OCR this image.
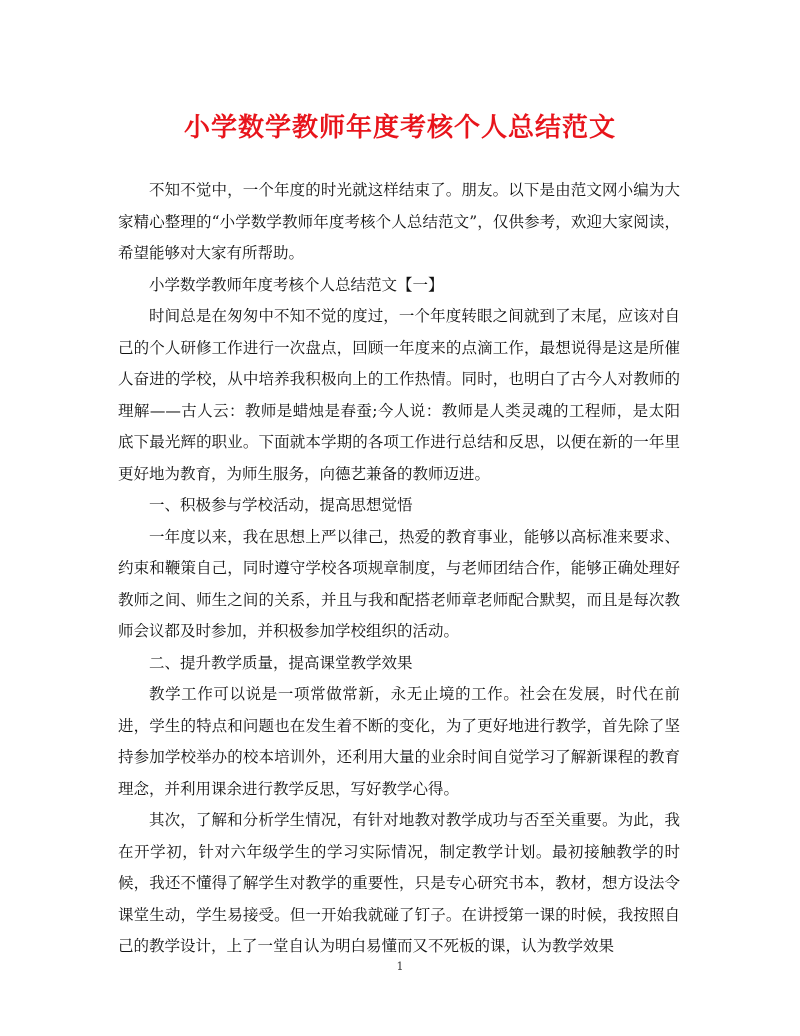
小学数学教师年度考核个人总结范文

不知不觉中，一个年度的时光就这样结束了。朋友。以下是由范文网小编为大家精心整理的“小学数学教师年度考核个人总结范文”，仅供参考，欢迎大家阅读，希望能够对大家有所帮助。

小学数学教师年度考核个人总结范文【一】

时间总是在匆匆中不知不觉的度过，一个年度转眼之间就到了末尾，应该对自己的个人研修工作进行一次盘点，回顾一年度来的点滴工作，最想说得是这是所催人奋进的学校，从中培养我积极向上的工作热情。同时，也明白了古今人对教师的理解——古人云：教师是蜡烛是春蚕;今人说：教师是人类灵魂的工程师，是太阳底下最光辉的职业。下面就本学期的各项工作进行总结和反思，以便在新的一年里更好地为教育，为师生服务，向德艺兼备的教师迈进。

一、积极参与学校活动，提高思想觉悟

一年度以来，我在思想上严以律己，热爱的教育事业，能够以高标准来要求、约束和鞭策自己，同时遵守学校各项规章制度，与老师团结合作，能够正确处理好教师之间、师生之间的关系，并且与我和配搭老师章老师配合默契，而且是每次教师会议都及时参加，并积极参加学校组织的活动。

二、提升教学质量，提高课堂教学效果

教学工作可以说是一项常做常新，永无止境的工作。社会在发展，时代在前进，学生的特点和问题也在发生着不断的变化，为了更好地进行教学，首先除了坚持参加学校举办的校本培训外，还利用大量的业余时间自觉学习了解新课程的教育理念，并利用课余进行教学反思，写好教学心得。

其次，了解和分析学生情况，有针对地教对教学成功与否至关重要。为此，我在开学初，针对六年级学生的学习实际情况，制定教学计划。最初接触教学的时候，我还不懂得了解学生对教学的重要性，只是专心研究书本，教材，想方设法令课堂生动，学生易接受。但一开始我就碰了钉子。在讲授第一课的时候，我按照自己的教学设计，上了一堂自认为明白易懂而又不死板的课，认为教学效果

1
